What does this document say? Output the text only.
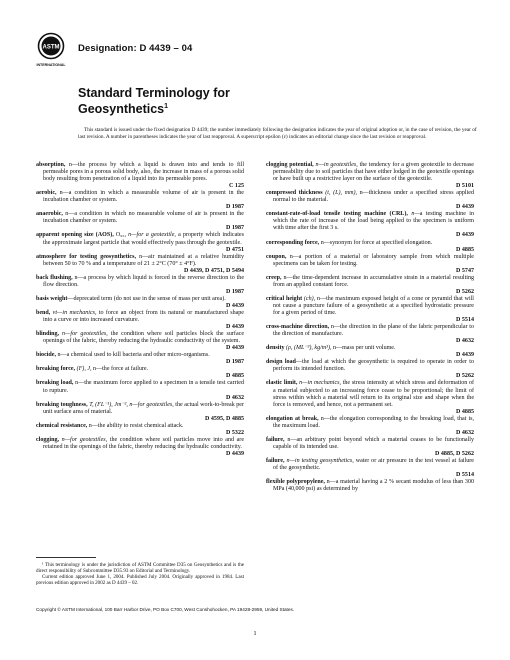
ASTM
INTERNATIONAL
Designation: D 4439 – 04
Standard Terminology for
Geosynthetics$^1$
This standard is issued under the fixed designation D 4439; the number immediately following the designation indicates the year of original adoption or, in the case of revision, the year of last revision. A number in parentheses indicates the year of last reapproval. A superscript epsilon (ε) indicates an editorial change since the last revision or reapproval.

absorption, n—the process by which a liquid is drawn into and tends to fill permeable pores in a porous solid body, also, the increase in mass of a porous solid body resulting from penetration of a liquid into its permeable pores.
C 125

aerobic, n—a condition in which a measurable volume of air is present in the incubation chamber or system.
D 1987

anaerobic, n—a condition in which no measurable volume of air is present in the incubation chamber or system.
D 1987

apparent opening size (AOS), O₉₅, n—for a geotextile, a property which indicates the approximate largest particle that would effectively pass through the geotextile.
D 4751

atmosphere for testing geosynthetics, n—air maintained at a relative humidity between 50 to 70 % and a temperature of 21 ± 2°C (70° ± 4°F).
D 4439, D 4751, D 5494

back flushing, n—a process by which liquid is forced in the reverse direction to the flow direction.
D 1987

basis weight—deprecated term (do not use in the sense of mass per unit area).
D 4439

bend, vt—in mechanics, to force an object from its natural or manufactured shape into a curve or into increased curvature.
D 4439

blinding, n—for geotextiles, the condition where soil particles block the surface openings of the fabric, thereby reducing the hydraulic conductivity of the system.
D 4439

biocide, n—a chemical used to kill bacteria and other micro-organisms.
D 1987

breaking force, (F), J, n—the force at failure.
D 4885

breaking load, n—the maximum force applied to a specimen in a tensile test carried to rupture.
D 4632

breaking toughness, T, (FL⁻¹), Jm⁻², n—for geotextiles, the actual work-to-break per unit surface area of material.
D 4595, D 4885

chemical resistance, n—the ability to resist chemical attack.
D 5322

clogging, n—for geotextiles, the condition where soil particles move into and are retained in the openings of the fabric, thereby reducing the hydraulic conductivity.
D 4439

clogging potential, n—in geotextiles, the tendency for a given geotextile to decrease permeability due to soil particles that have either lodged in the geotextile openings or have built up a restrictive layer on the surface of the geotextile.
D 5101

compressed thickness (t, (L), mm), n—thickness under a specified stress applied normal to the material.
D 4439

constant-rate-of-load tensile testing machine (CRL), n—a testing machine in which the rate of increase of the load being applied to the specimen is uniform with time after the first 3 s.
D 4439

corresponding force, n—synonym for force at specified elongation.
D 4885

coupon, n—a portion of a material or laboratory sample from which multiple specimens can be taken for testing.
D 5747

creep, n—the time-dependent increase in accumulative strain in a material resulting from an applied constant force.
D 5262

critical height (ch), n—the maximum exposed height of a cone or pyramid that will not cause a puncture failure of a geosynthetic at a specified hydrostatic pressure for a given period of time.
D 5514

cross-machine direction, n—the direction in the plane of the fabric perpendicular to the direction of manufacture.
D 4632

density (ρ, (ML⁻³), kg/m³), n—mass per unit volume.
D 4439

design load—the load at which the geosynthetic is required to operate in order to perform its intended function.
D 5262

elastic limit, n—in mechanics, the stress intensity at which stress and deformation of a material subjected to an increasing force cease to be proportional; the limit of stress within which a material will return to its original size and shape when the force is removed, and hence, not a permanent set.
D 4885

elongation at break, n—the elongation corresponding to the breaking load, that is, the maximum load.
D 4632

failure, n—an arbitrary point beyond which a material ceases to be functionally capable of its intended use.
D 4885, D 5262

failure, n—in testing geosynthetics, water or air pressure in the test vessel at failure of the geosynthetic.
D 5514

flexible polypropylene, n—a material having a 2 % secant modulus of less than 300 MPa (40,000 psi) as determined by

¹ This terminology is under the jurisdiction of ASTM Committee D35 on Geosynthetics and is the direct responsibility of Subcommittee D35.93 on Editorial and Terminology.

Current edition approved June 1, 2004. Published July 2004. Originally approved in 1984. Last previous edition approved in 2002 as D 4439 – 02.

Copyright © ASTM International, 100 Barr Harbor Drive, PO Box C700, West Conshohocken, PA 19428-2959, United States.
1
